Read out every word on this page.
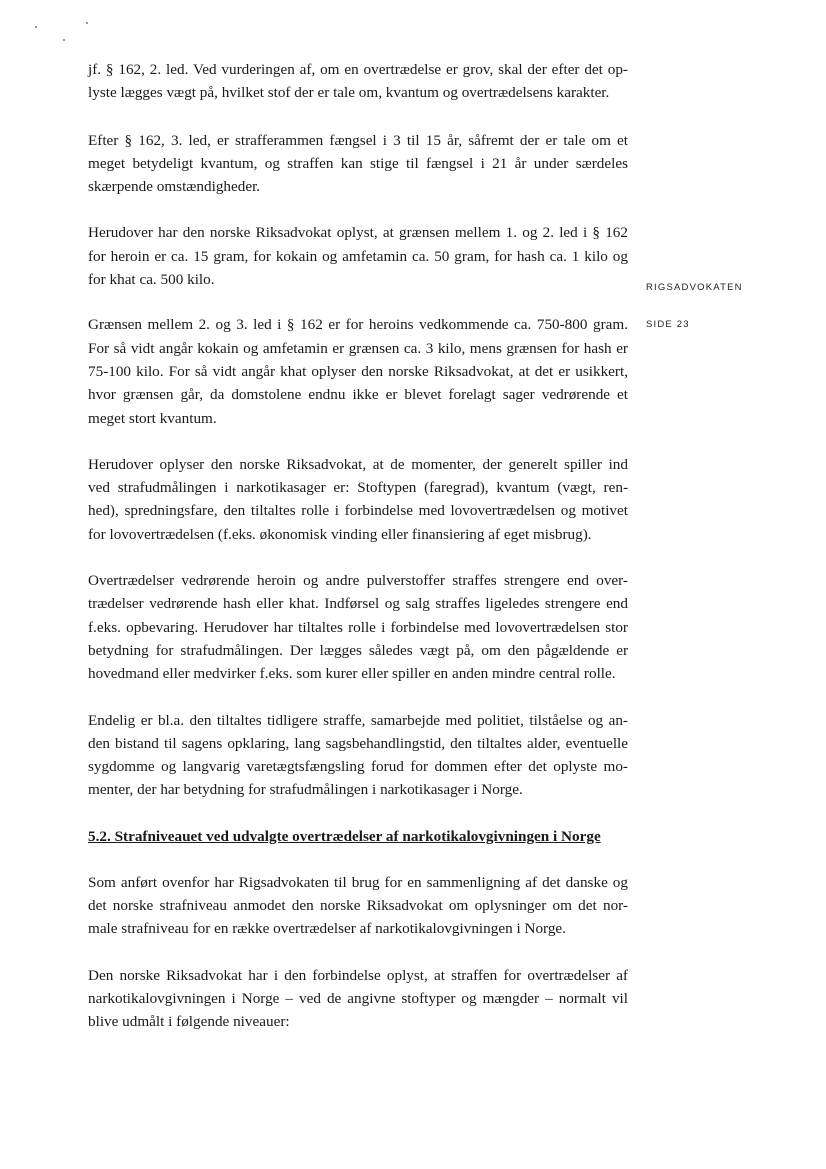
RIGSADVOKATEN
SIDE 23

jf. § 162, 2. led. Ved vurderingen af, om en overtrædelse er grov, skal der efter det op-
lyste lægges vægt på, hvilket stof der er tale om, kvantum og overtrædelsens karakter.

Efter § 162, 3. led, er strafferammen fængsel i 3 til 15 år, såfremt der er tale om et
meget betydeligt kvantum, og straffen kan stige til fængsel i 21 år under særdeles
skærpende omstændigheder.

Herudover har den norske Riksadvokat oplyst, at grænsen mellem 1. og 2. led i § 162
for heroin er ca. 15 gram, for kokain og amfetamin ca. 50 gram, for hash ca. 1 kilo og
for khat ca. 500 kilo.

Grænsen mellem 2. og 3. led i § 162 er for heroins vedkommende ca. 750-800 gram.
For så vidt angår kokain og amfetamin er grænsen ca. 3 kilo, mens grænsen for hash er
75-100 kilo. For så vidt angår khat oplyser den norske Riksadvokat, at det er usikkert,
hvor grænsen går, da domstolene endnu ikke er blevet forelagt sager vedrørende et
meget stort kvantum.

Herudover oplyser den norske Riksadvokat, at de momenter, der generelt spiller ind
ved strafudmålingen i narkotikasager er: Stoftypen (faregrad), kvantum (vægt, ren-
hed), spredningsfare, den tiltaltes rolle i forbindelse med lovovertrædelsen og motivet
for lovovertrædelsen (f.eks. økonomisk vinding eller finansiering af eget misbrug).

Overtrædelser vedrørende heroin og andre pulverstoffer straffes strengere end over-
trædelser vedrørende hash eller khat. Indførsel og salg straffes ligeledes strengere end
f.eks. opbevaring. Herudover har tiltaltes rolle i forbindelse med lovovertrædelsen stor
betydning for strafudmålingen. Der lægges således vægt på, om den pågældende er
hovedmand eller medvirker f.eks. som kurer eller spiller en anden mindre central rolle.

Endelig er bl.a. den tiltaltes tidligere straffe, samarbejde med politiet, tilståelse og an-
den bistand til sagens opklaring, lang sagsbehandlingstid, den tiltaltes alder, eventuelle
sygdomme og langvarig varetægtsfængsling forud for dommen efter det oplyste mo-
menter, der har betydning for strafudmålingen i narkotikasager i Norge.

5.2. Strafniveauet ved udvalgte overtrædelser af narkotikalovgivningen i Norge

Som anført ovenfor har Rigsadvokaten til brug for en sammenligning af det danske og
det norske strafniveau anmodet den norske Riksadvokat om oplysninger om det nor-
male strafniveau for en række overtrædelser af narkotikalovgivningen i Norge.

Den norske Riksadvokat har i den forbindelse oplyst, at straffen for overtrædelser af
narkotikalovgivningen i Norge – ved de angivne stoftyper og mængder – normalt vil
blive udmålt i følgende niveauer:
